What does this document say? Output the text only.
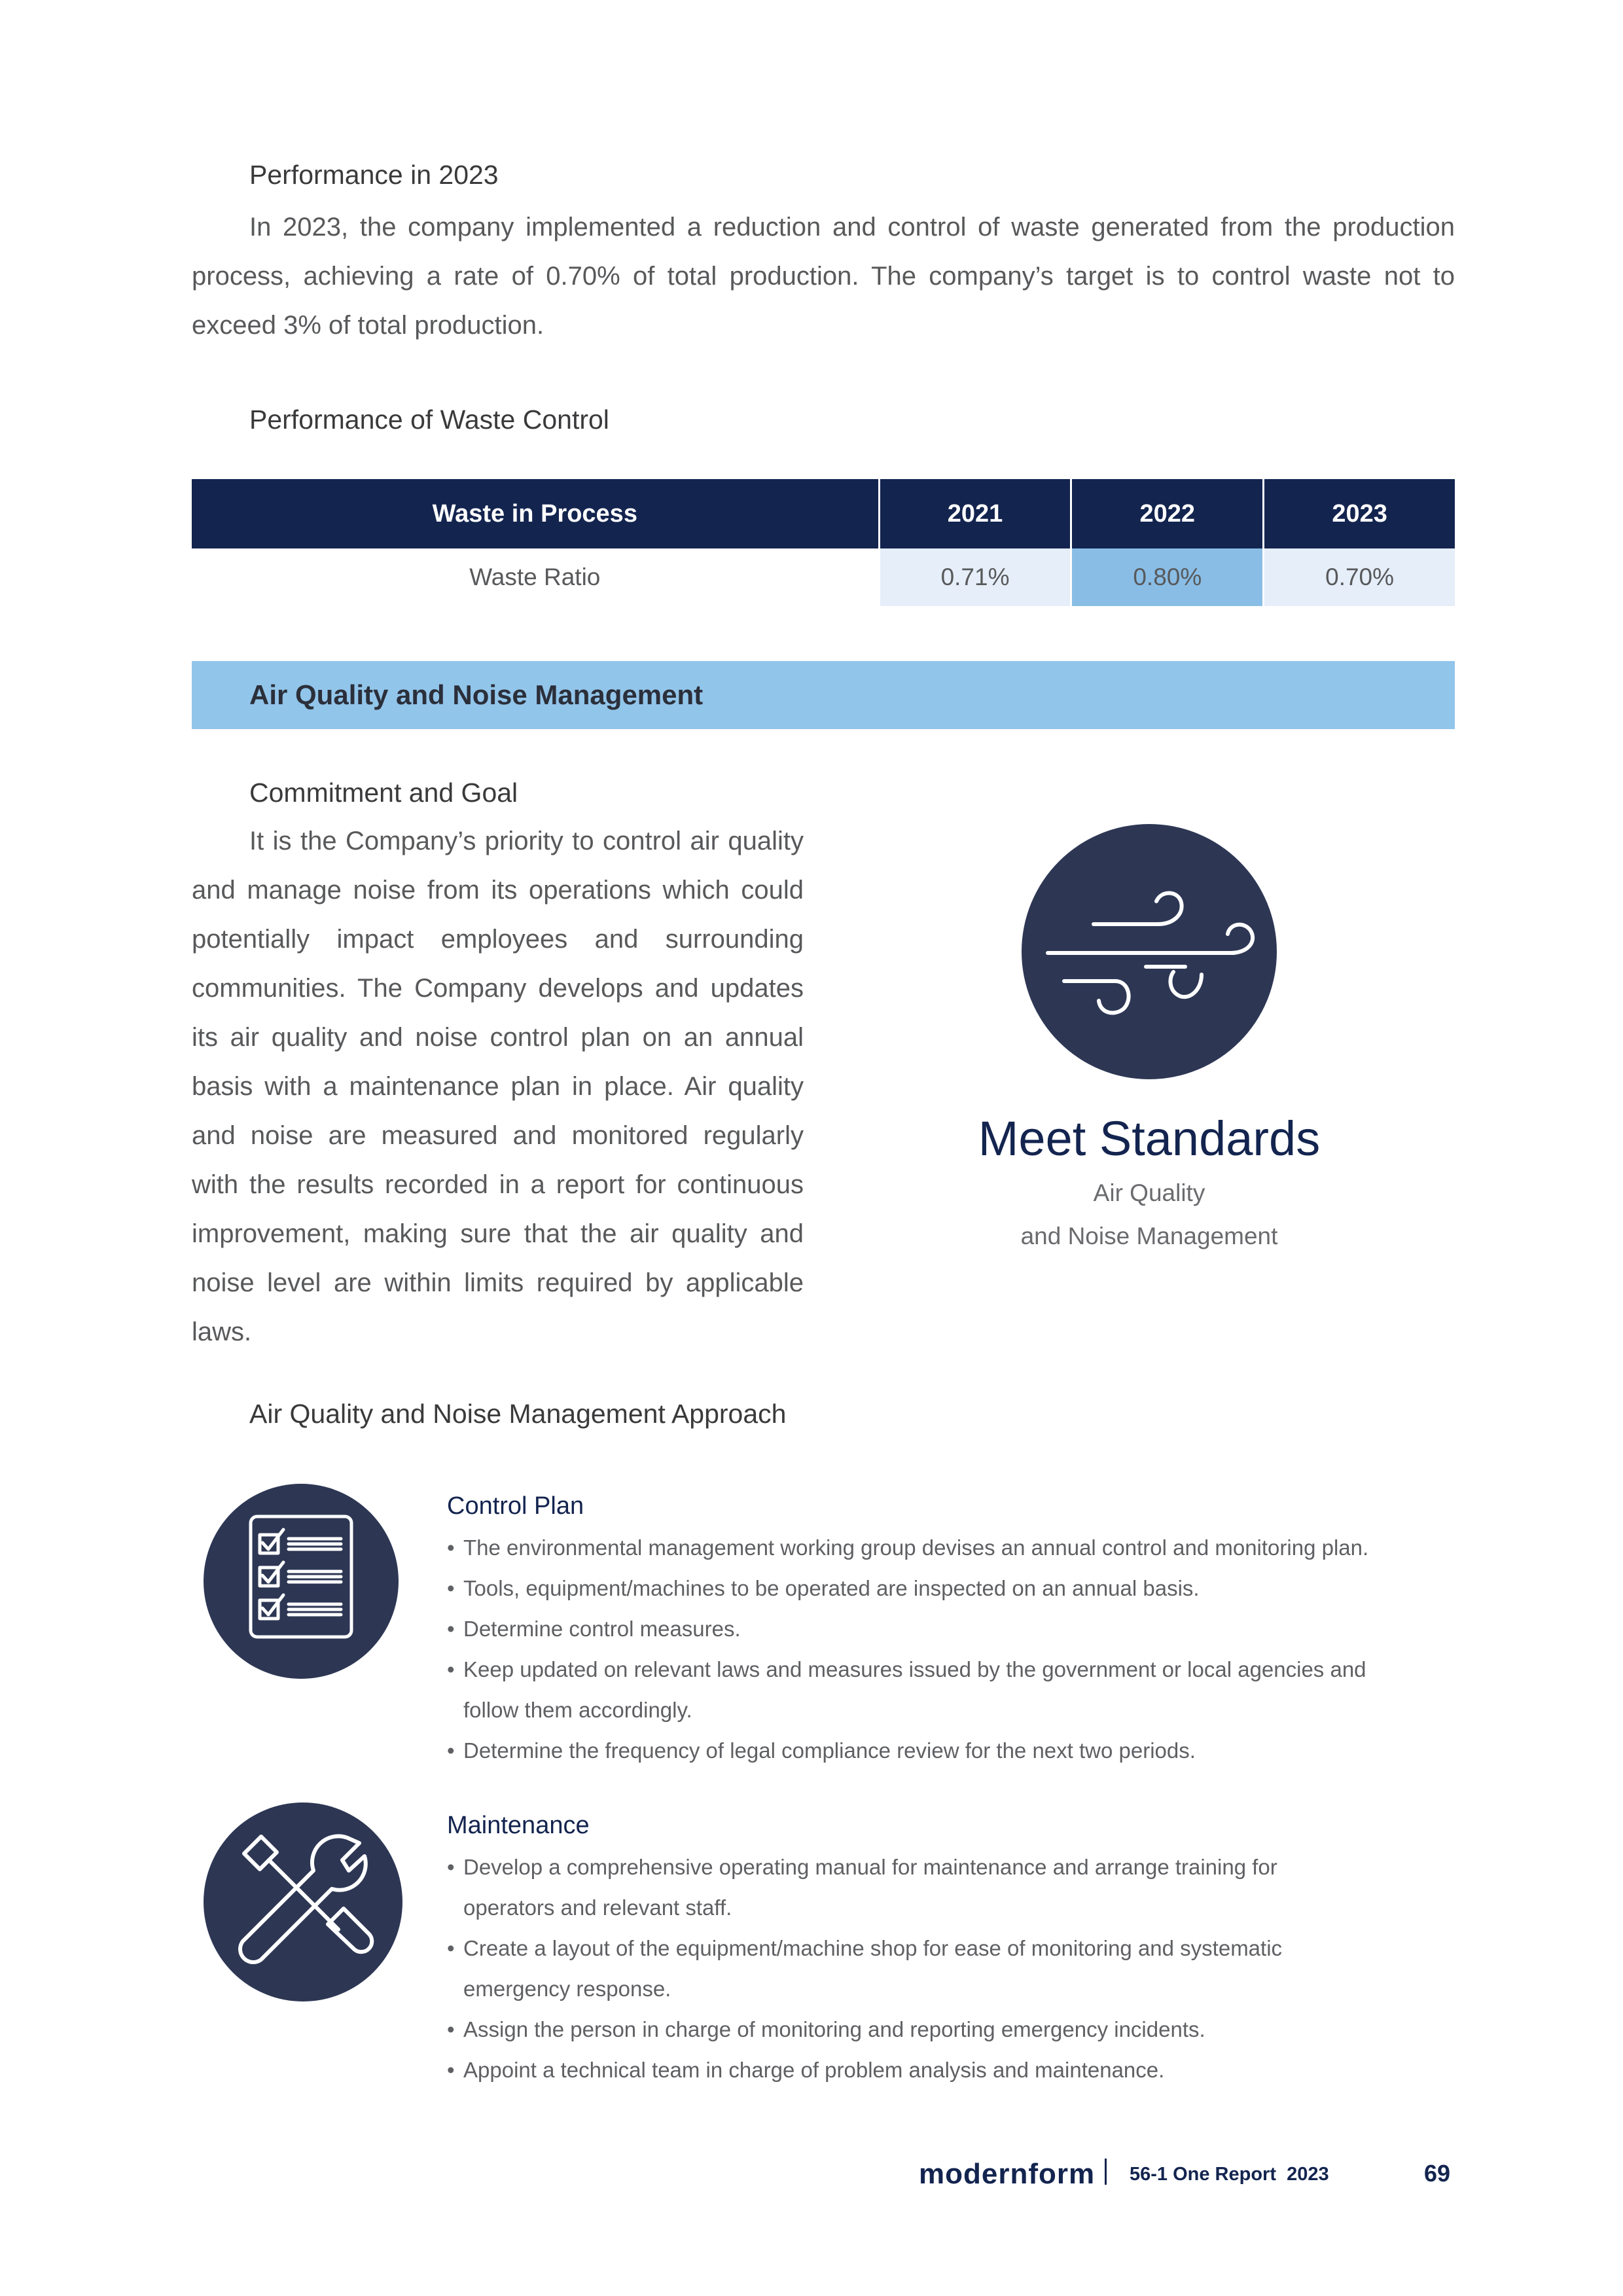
Performance in 2023
In 2023, the company implemented a reduction and control of waste generated from the production process, achieving a rate of 0.70% of total production. The company’s target is to control waste not to exceed 3% of total production.
Performance of Waste Control
Waste in Process	2021	2022	2023
Waste Ratio	0.71%	0.80%	0.70%
Air Quality and Noise Management
Commitment and Goal
It is the Company’s priority to control air quality
and manage noise from its operations which could
potentially impact employees and surrounding
communities. The Company develops and updates
its air quality and noise control plan on an annual
basis with a maintenance plan in place. Air quality
and noise are measured and monitored regularly
with the results recorded in a report for continuous
improvement, making sure that the air quality and
noise level are within limits required by applicable
laws.
Meet Standards
Air Quality
and Noise Management
Air Quality and Noise Management Approach
Control Plan
• The environmental management working group devises an annual control and monitoring plan.
• Tools, equipment/machines to be operated are inspected on an annual basis.
• Determine control measures.
• Keep updated on relevant laws and measures issued by the government or local agencies and follow them accordingly.
• Determine the frequency of legal compliance review for the next two periods.
Maintenance
• Develop a comprehensive operating manual for maintenance and arrange training for operators and relevant staff.
• Create a layout of the equipment/machine shop for ease of monitoring and systematic emergency response.
• Assign the person in charge of monitoring and reporting emergency incidents.
• Appoint a technical team in charge of problem analysis and maintenance.
modernform 56-1 One Report  2023	69
